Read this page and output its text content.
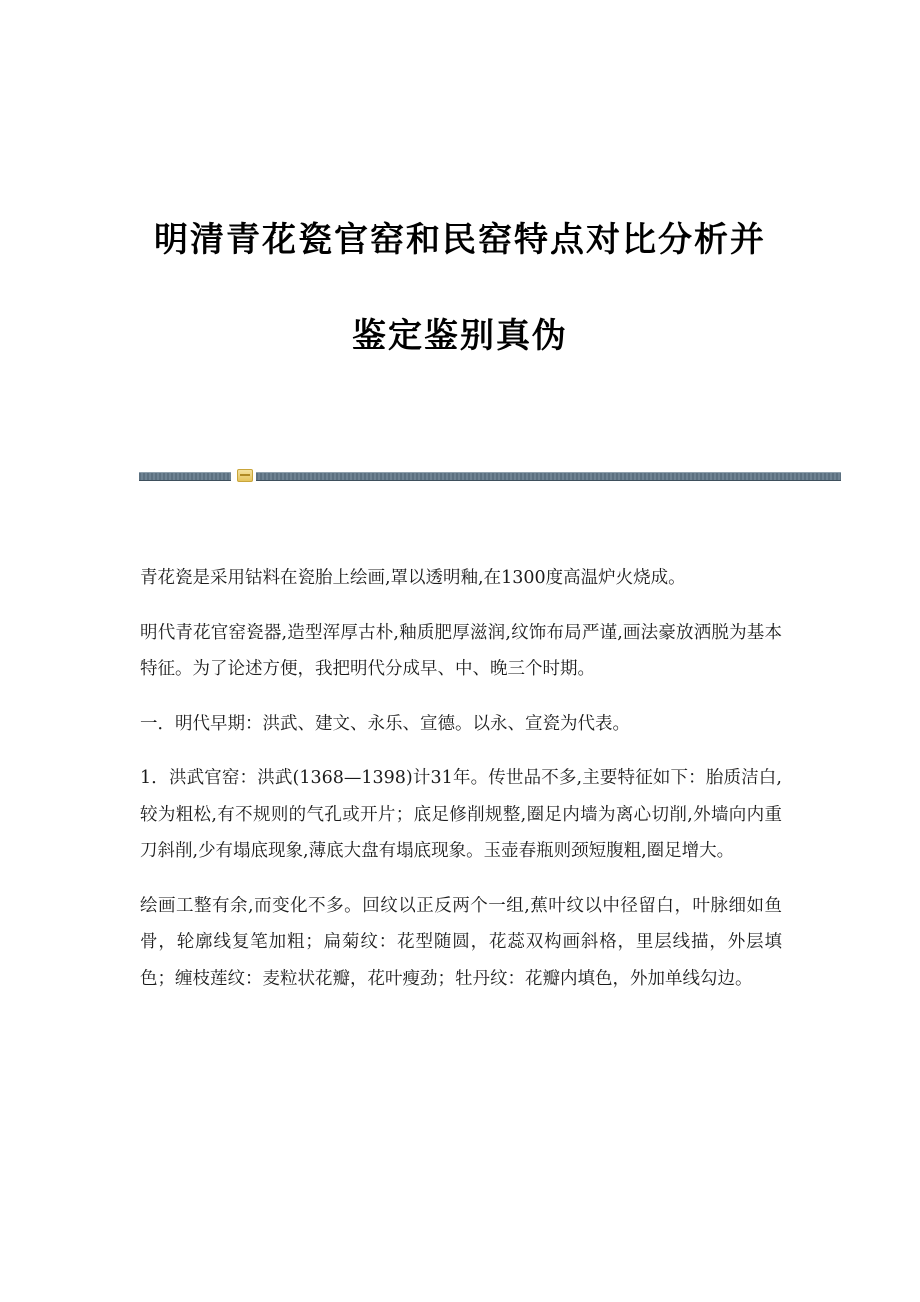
明清青花瓷官窑和民窑特点对比分析并
鉴定鉴别真伪

青花瓷是采用钴料在瓷胎上绘画,罩以透明釉,在1300度高温炉火烧成。

明代青花官窑瓷器,造型浑厚古朴,釉质肥厚滋润,纹饰布局严谨,画法豪放洒脱为基本特征。为了论述方便，我把明代分成早、中、晚三个时期。

一．明代早期：洪武、建文、永乐、宣德。以永、宣瓷为代表。

1．洪武官窑：洪武(1368—1398)计31年。传世品不多,主要特征如下：胎质洁白,较为粗松,有不规则的气孔或开片；底足修削规整,圈足内墙为离心切削,外墙向内重刀斜削,少有塌底现象,薄底大盘有塌底现象。玉壶春瓶则颈短腹粗,圈足增大。

绘画工整有余,而变化不多。回纹以正反两个一组,蕉叶纹以中径留白，叶脉细如鱼骨，轮廓线复笔加粗；扁菊纹：花型随圆，花蕊双构画斜格，里层线描，外层填色；缠枝莲纹：麦粒状花瓣，花叶瘦劲；牡丹纹：花瓣内填色，外加单线勾边。
